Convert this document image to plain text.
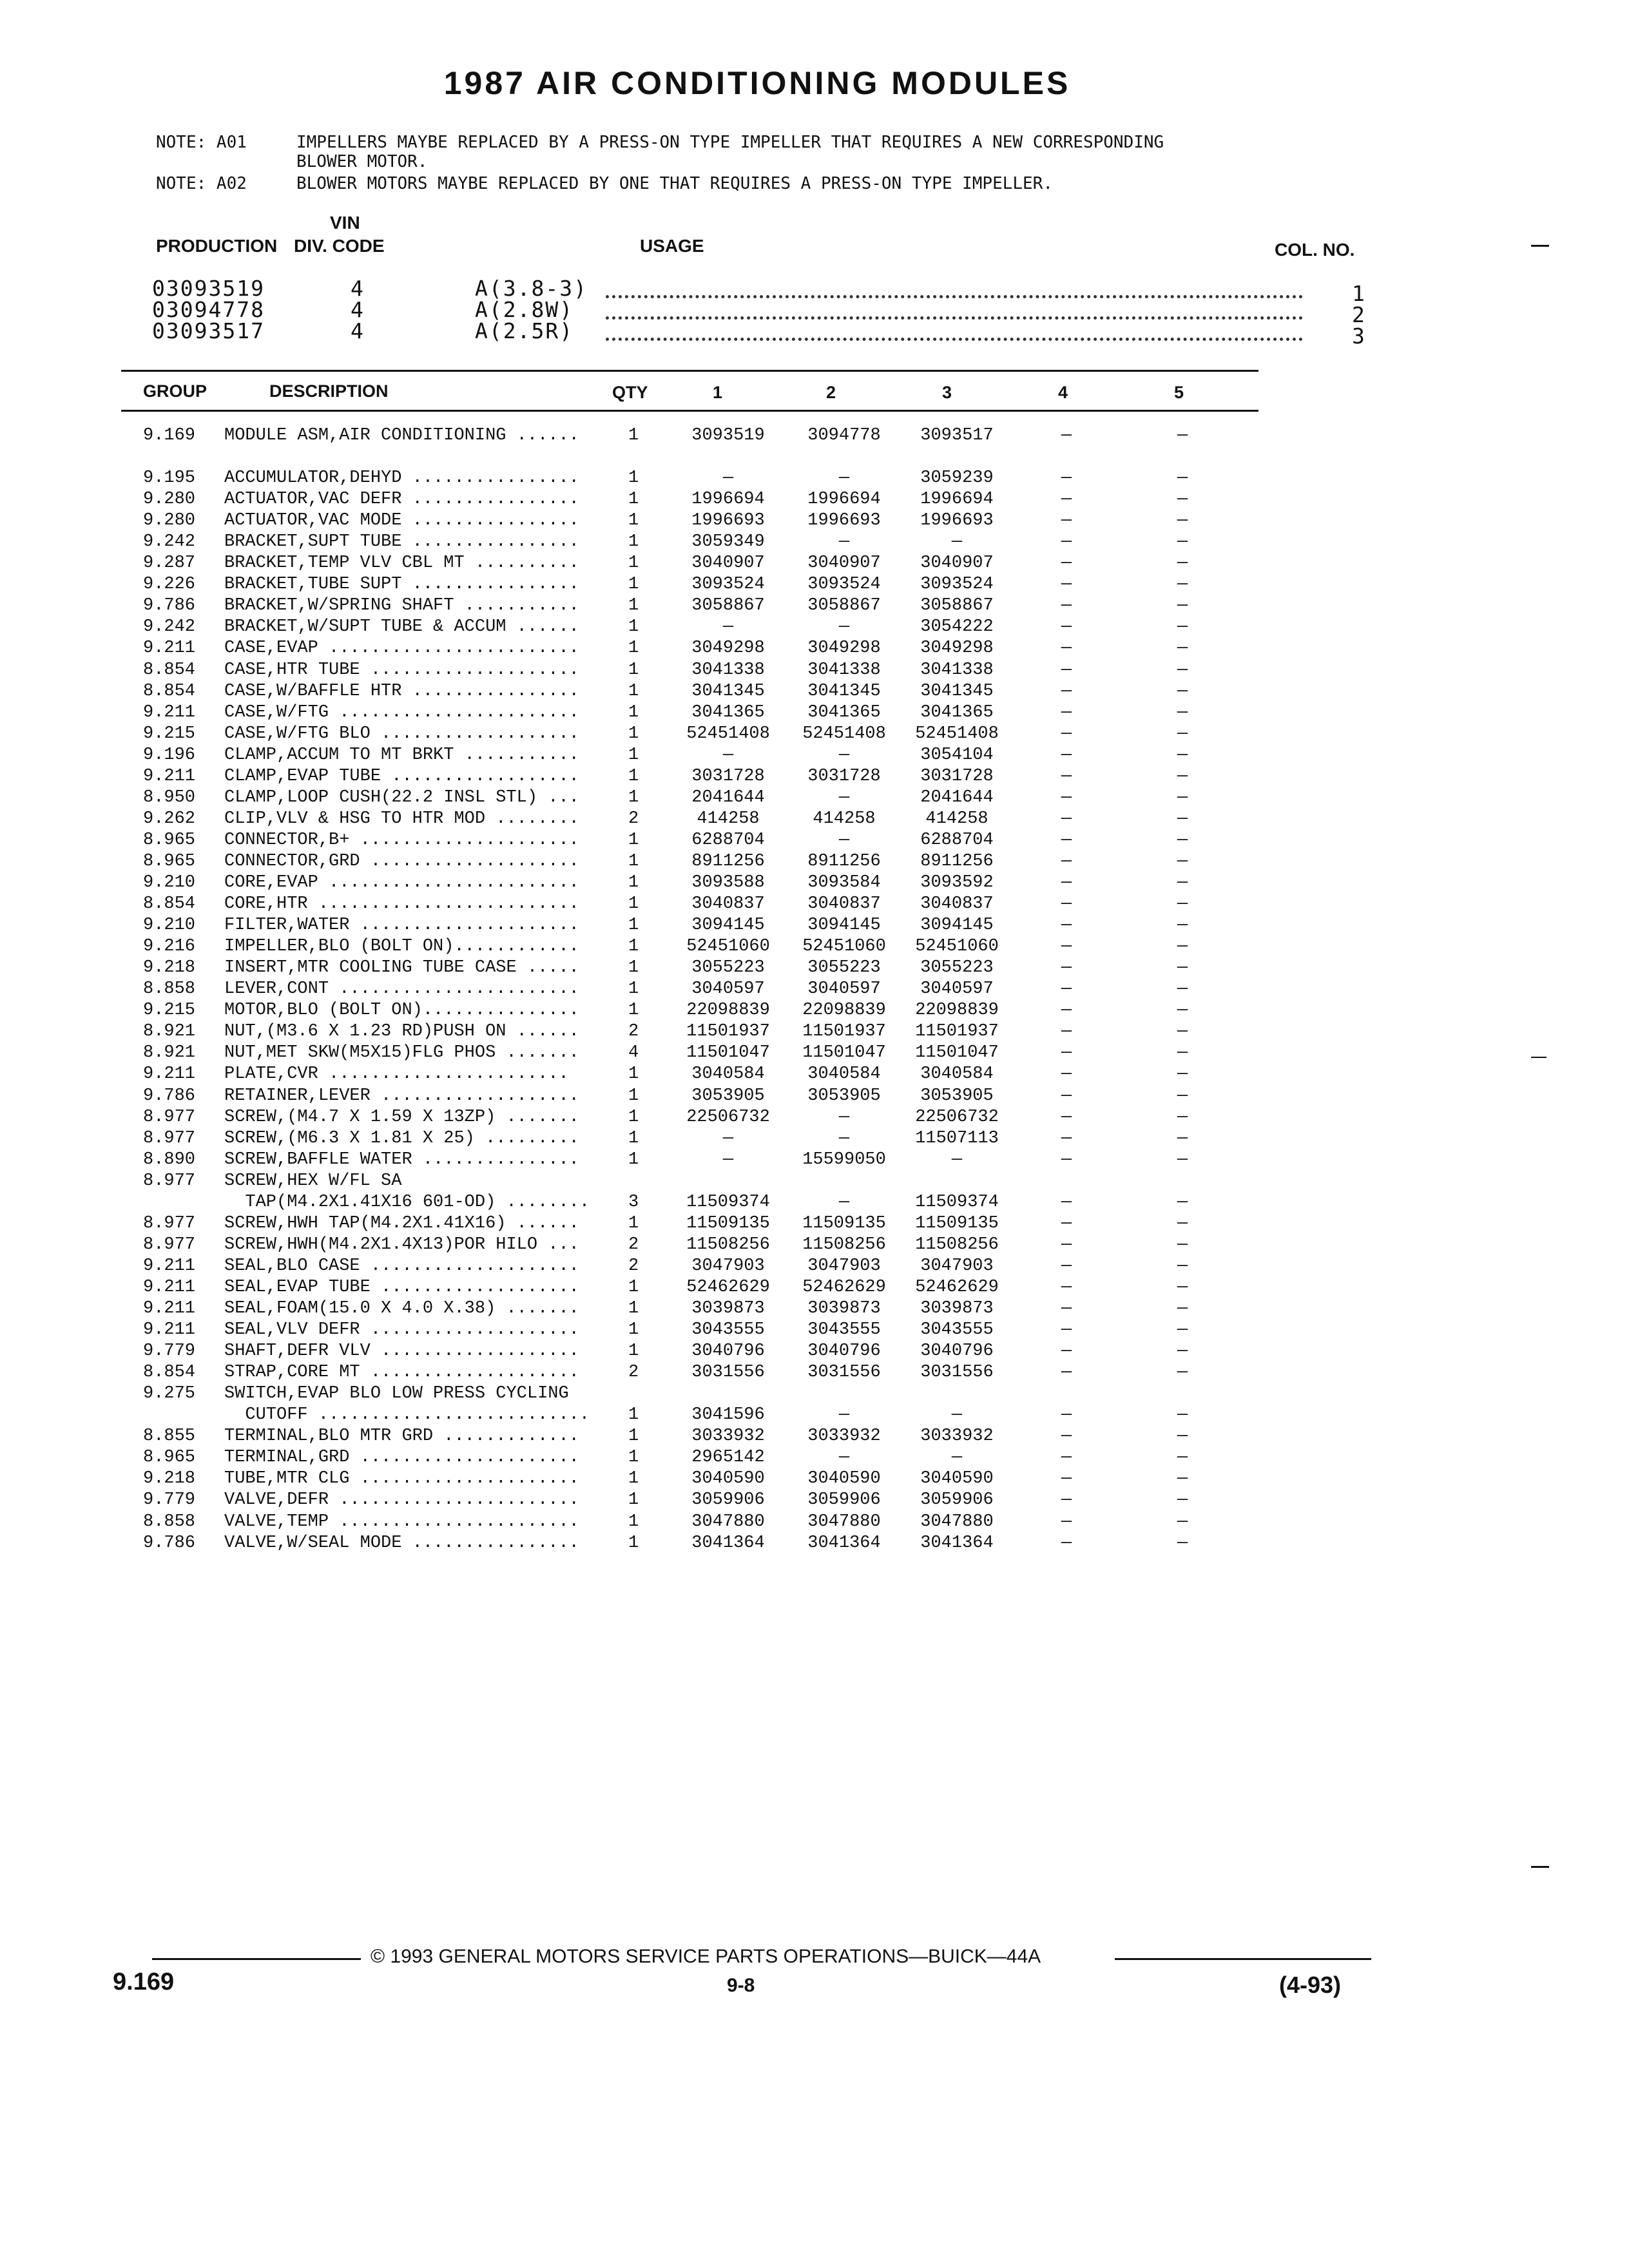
1987 AIR CONDITIONING MODULES
NOTE: A01	IMPELLERS MAYBE REPLACED BY A PRESS-ON TYPE IMPELLER THAT REQUIRES A NEW CORRESPONDING
BLOWER MOTOR.
NOTE: A02	BLOWER MOTORS MAYBE REPLACED BY ONE THAT REQUIRES A PRESS-ON TYPE IMPELLER.
VIN
PRODUCTION DIV. CODE	USAGE	COL. NO.
03093519	4	A(3.8-3)	1
03094778	4	A(2.8W)	2
03093517	4	A(2.5R)	3
GROUP	DESCRIPTION	QTY	1	2	3	4	5
9.169 MODULE ASM,AIR CONDITIONING ......	1	3093519	3094778	3093517	—	—
9.195 ACCUMULATOR,DEHYD ................	1	—	—	3059239	—	—
9.280 ACTUATOR,VAC DEFR ................	1	1996694	1996694	1996694	—	—
9.280 ACTUATOR,VAC MODE ................	1	1996693	1996693	1996693	—	—
9.242 BRACKET,SUPT TUBE ................	1	3059349	—	—	—	—
9.287 BRACKET,TEMP VLV CBL MT ..........	1	3040907	3040907	3040907	—	—
9.226 BRACKET,TUBE SUPT ................	1	3093524	3093524	3093524	—	—
9.786 BRACKET,W/SPRING SHAFT ...........	1	3058867	3058867	3058867	—	—
9.242 BRACKET,W/SUPT TUBE & ACCUM ......	1	—	—	3054222	—	—
9.211 CASE,EVAP ........................	1	3049298	3049298	3049298	—	—
8.854 CASE,HTR TUBE ....................	1	3041338	3041338	3041338	—	—
8.854 CASE,W/BAFFLE HTR ................	1	3041345	3041345	3041345	—	—
9.211 CASE,W/FTG .......................	1	3041365	3041365	3041365	—	—
9.215 CASE,W/FTG BLO ...................	1	52451408	52451408	52451408	—	—
9.196 CLAMP,ACCUM TO MT BRKT ...........	1	—	—	3054104	—	—
9.211 CLAMP,EVAP TUBE ..................	1	3031728	3031728	3031728	—	—
8.950 CLAMP,LOOP CUSH(22.2 INSL STL) ...	1	2041644	—	2041644	—	—
9.262 CLIP,VLV & HSG TO HTR MOD ........	2	414258	414258	414258	—	—
8.965 CONNECTOR,B+ .....................	1	6288704	—	6288704	—	—
8.965 CONNECTOR,GRD ....................	1	8911256	8911256	8911256	—	—
9.210 CORE,EVAP ........................	1	3093588	3093584	3093592	—	—
8.854 CORE,HTR .........................	1	3040837	3040837	3040837	—	—
9.210 FILTER,WATER .....................	1	3094145	3094145	3094145	—	—
9.216 IMPELLER,BLO (BOLT ON)............	1	52451060	52451060	52451060	—	—
9.218 INSERT,MTR COOLING TUBE CASE .....	1	3055223	3055223	3055223	—	—
8.858 LEVER,CONT .......................	1	3040597	3040597	3040597	—	—
9.215 MOTOR,BLO (BOLT ON)...............	1	22098839	22098839	22098839	—	—
8.921 NUT,(M3.6 X 1.23 RD)PUSH ON ......	2	11501937	11501937	11501937	—	—
8.921 NUT,MET SKW(M5X15)FLG PHOS .......	4	11501047	11501047	11501047	—	—
9.211 PLATE,CVR .......................	1	3040584	3040584	3040584	—	—
9.786 RETAINER,LEVER ...................	1	3053905	3053905	3053905	—	—
8.977 SCREW,(M4.7 X 1.59 X 13ZP) .......	1	22506732	—	22506732	—	—
8.977 SCREW,(M6.3 X 1.81 X 25) .........	1	—	—	11507113	—	—
8.890 SCREW,BAFFLE WATER ...............	1	—	15599050	—	—	—
8.977 SCREW,HEX W/FL SA
TAP(M4.2X1.41X16 601-OD) ........ 3	11509374	—	11509374	—	—
8.977 SCREW,HWH TAP(M4.2X1.41X16) ......	1	11509135	11509135	11509135	—	—
8.977 SCREW,HWH(M4.2X1.4X13)POR HILO ...	2	11508256	11508256	11508256	—	—
9.211 SEAL,BLO CASE ....................	2	3047903	3047903	3047903	—	—
9.211 SEAL,EVAP TUBE ...................	1	52462629	52462629	52462629	—	—
9.211 SEAL,FOAM(15.0 X 4.0 X.38) .......	1	3039873	3039873	3039873	—	—
9.211 SEAL,VLV DEFR ....................	1	3043555	3043555	3043555	—	—
9.779 SHAFT,DEFR VLV ...................	1	3040796	3040796	3040796	—	—
8.854 STRAP,CORE MT ....................	2	3031556	3031556	3031556	—	—
9.275 SWITCH,EVAP BLO LOW PRESS CYCLING
CUTOFF .......................... 1	3041596	—	—	—	—
8.855 TERMINAL,BLO MTR GRD .............	1	3033932	3033932	3033932	—	—
8.965 TERMINAL,GRD .....................	1	2965142	—	—	—	—
9.218 TUBE,MTR CLG .....................	1	3040590	3040590	3040590	—	—
9.779 VALVE,DEFR .......................	1	3059906	3059906	3059906	—	—
8.858 VALVE,TEMP .......................	1	3047880	3047880	3047880	—	—
9.786 VALVE,W/SEAL MODE ................	1	3041364	3041364	3041364	—	—
© 1993 GENERAL MOTORS SERVICE PARTS OPERATIONS—BUICK—44A
9.169	9-8	(4-93)
